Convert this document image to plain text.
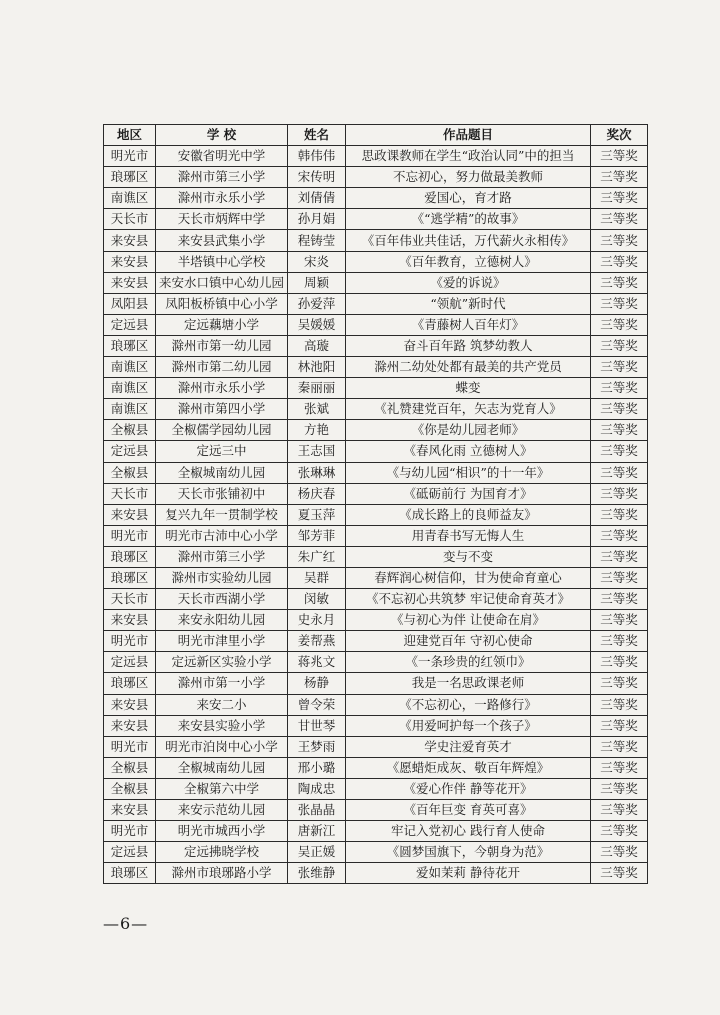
地区	学 校	姓名	作品题目	奖次
明光市	安徽省明光中学	韩伟伟	思政课教师在学生“政治认同”中的担当	三等奖
琅琊区	滁州市第三小学	宋传明	不忘初心，努力做最美教师	三等奖
南谯区	滁州市永乐小学	刘倩倩	爱国心，育才路	三等奖
天长市	天长市炳辉中学	孙月娟	《“逃学精”的故事》	三等奖
来安县	来安县武集小学	程铸莹	《百年伟业共佳话，万代薪火永相传》	三等奖
来安县	半塔镇中心学校	宋炎	《百年教育，立德树人》	三等奖
来安县	来安水口镇中心幼儿园	周颖	《爱的诉说》	三等奖
凤阳县	凤阳板桥镇中心小学	孙爱萍	“领航”新时代	三等奖
定远县	定远藕塘小学	吴媛媛	《青藤树人百年灯》	三等奖
琅琊区	滁州市第一幼儿园	高璇	奋斗百年路 筑梦幼教人	三等奖
南谯区	滁州市第二幼儿园	林池阳	滁州二幼处处都有最美的共产党员	三等奖
南谯区	滁州市永乐小学	秦丽丽	蝶变	三等奖
南谯区	滁州市第四小学	张斌	《礼赞建党百年，矢志为党育人》	三等奖
全椒县	全椒儒学园幼儿园	方艳	《你是幼儿园老师》	三等奖
定远县	定远三中	王志国	《春风化雨 立德树人》	三等奖
全椒县	全椒城南幼儿园	张琳琳	《与幼儿园“相识”的十一年》	三等奖
天长市	天长市张铺初中	杨庆春	《砥砺前行 为国育才》	三等奖
来安县	复兴九年一贯制学校	夏玉萍	《成长路上的良师益友》	三等奖
明光市	明光市古沛中心小学	邹芳菲	用青春书写无悔人生	三等奖
琅琊区	滁州市第三小学	朱广红	变与不变	三等奖
琅琊区	滁州市实验幼儿园	吴群	春辉润心树信仰，甘为使命育童心	三等奖
天长市	天长市西湖小学	闵敏	《不忘初心共筑梦 牢记使命育英才》	三等奖
来安县	来安永阳幼儿园	史永月	《与初心为伴 让使命在肩》	三等奖
明光市	明光市津里小学	姜帮燕	迎建党百年 守初心使命	三等奖
定远县	定远新区实验小学	蒋兆文	《一条珍贵的红领巾》	三等奖
琅琊区	滁州市第一小学	杨静	我是一名思政课老师	三等奖
来安县	来安二小	曾令荣	《不忘初心，一路修行》	三等奖
来安县	来安县实验小学	甘世琴	《用爱呵护每一个孩子》	三等奖
明光市	明光市泊岗中心小学	王梦雨	学史注爱育英才	三等奖
全椒县	全椒城南幼儿园	邢小璐	《愿蜡炬成灰、敬百年辉煌》	三等奖
全椒县	全椒第六中学	陶成忠	《爱心作伴 静等花开》	三等奖
来安县	来安示范幼儿园	张晶晶	《百年巨变 育英可喜》	三等奖
明光市	明光市城西小学	唐新江	牢记入党初心 践行育人使命	三等奖
定远县	定远拂晓学校	吴正媛	《圆梦国旗下，今朝身为范》	三等奖
琅琊区	滁州市琅琊路小学	张维静	爱如茉莉 静待花开	三等奖
—6—
